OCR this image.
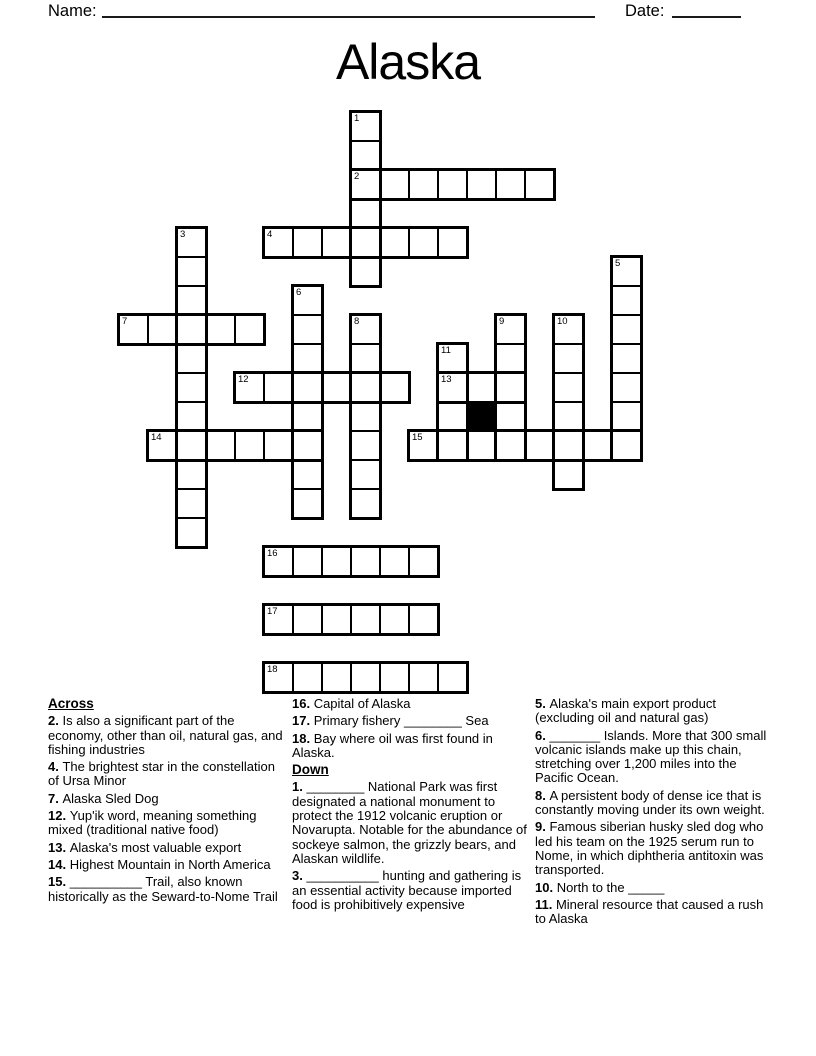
Name:	Date:
Alaska
1
2
3	4
5
6
7	8	9	10
11
13
12
14	15
16
17
18
Across
2. Is also a significant part of the economy, other than oil, natural gas, and fishing industries
4. The brightest star in the constellation of Ursa Minor
7. Alaska Sled Dog
12. Yup'ik word, meaning something mixed (traditional native food)
13. Alaska's most valuable export
14. Highest Mountain in North America
15. __________ Trail, also known historically as the Seward-to-Nome Trail
16. Capital of Alaska
17. Primary fishery ________ Sea
18. Bay where oil was first found in Alaska.
Down
1. ________ National Park was first designated a national monument to protect the 1912 volcanic eruption or Novarupta. Notable for the abundance of sockeye salmon, the grizzly bears, and Alaskan wildlife.
3. __________ hunting and gathering is an essential activity because imported food is prohibitively expensive
5. Alaska's main export product (excluding oil and natural gas)
6. _______ Islands. More that 300 small volcanic islands make up this chain, stretching over 1,200 miles into the Pacific Ocean.
8. A persistent body of dense ice that is constantly moving under its own weight.
9. Famous siberian husky sled dog who led his team on the 1925 serum run to Nome, in which diphtheria antitoxin was transported.
10. North to the _____
11. Mineral resource that caused a rush to Alaska
